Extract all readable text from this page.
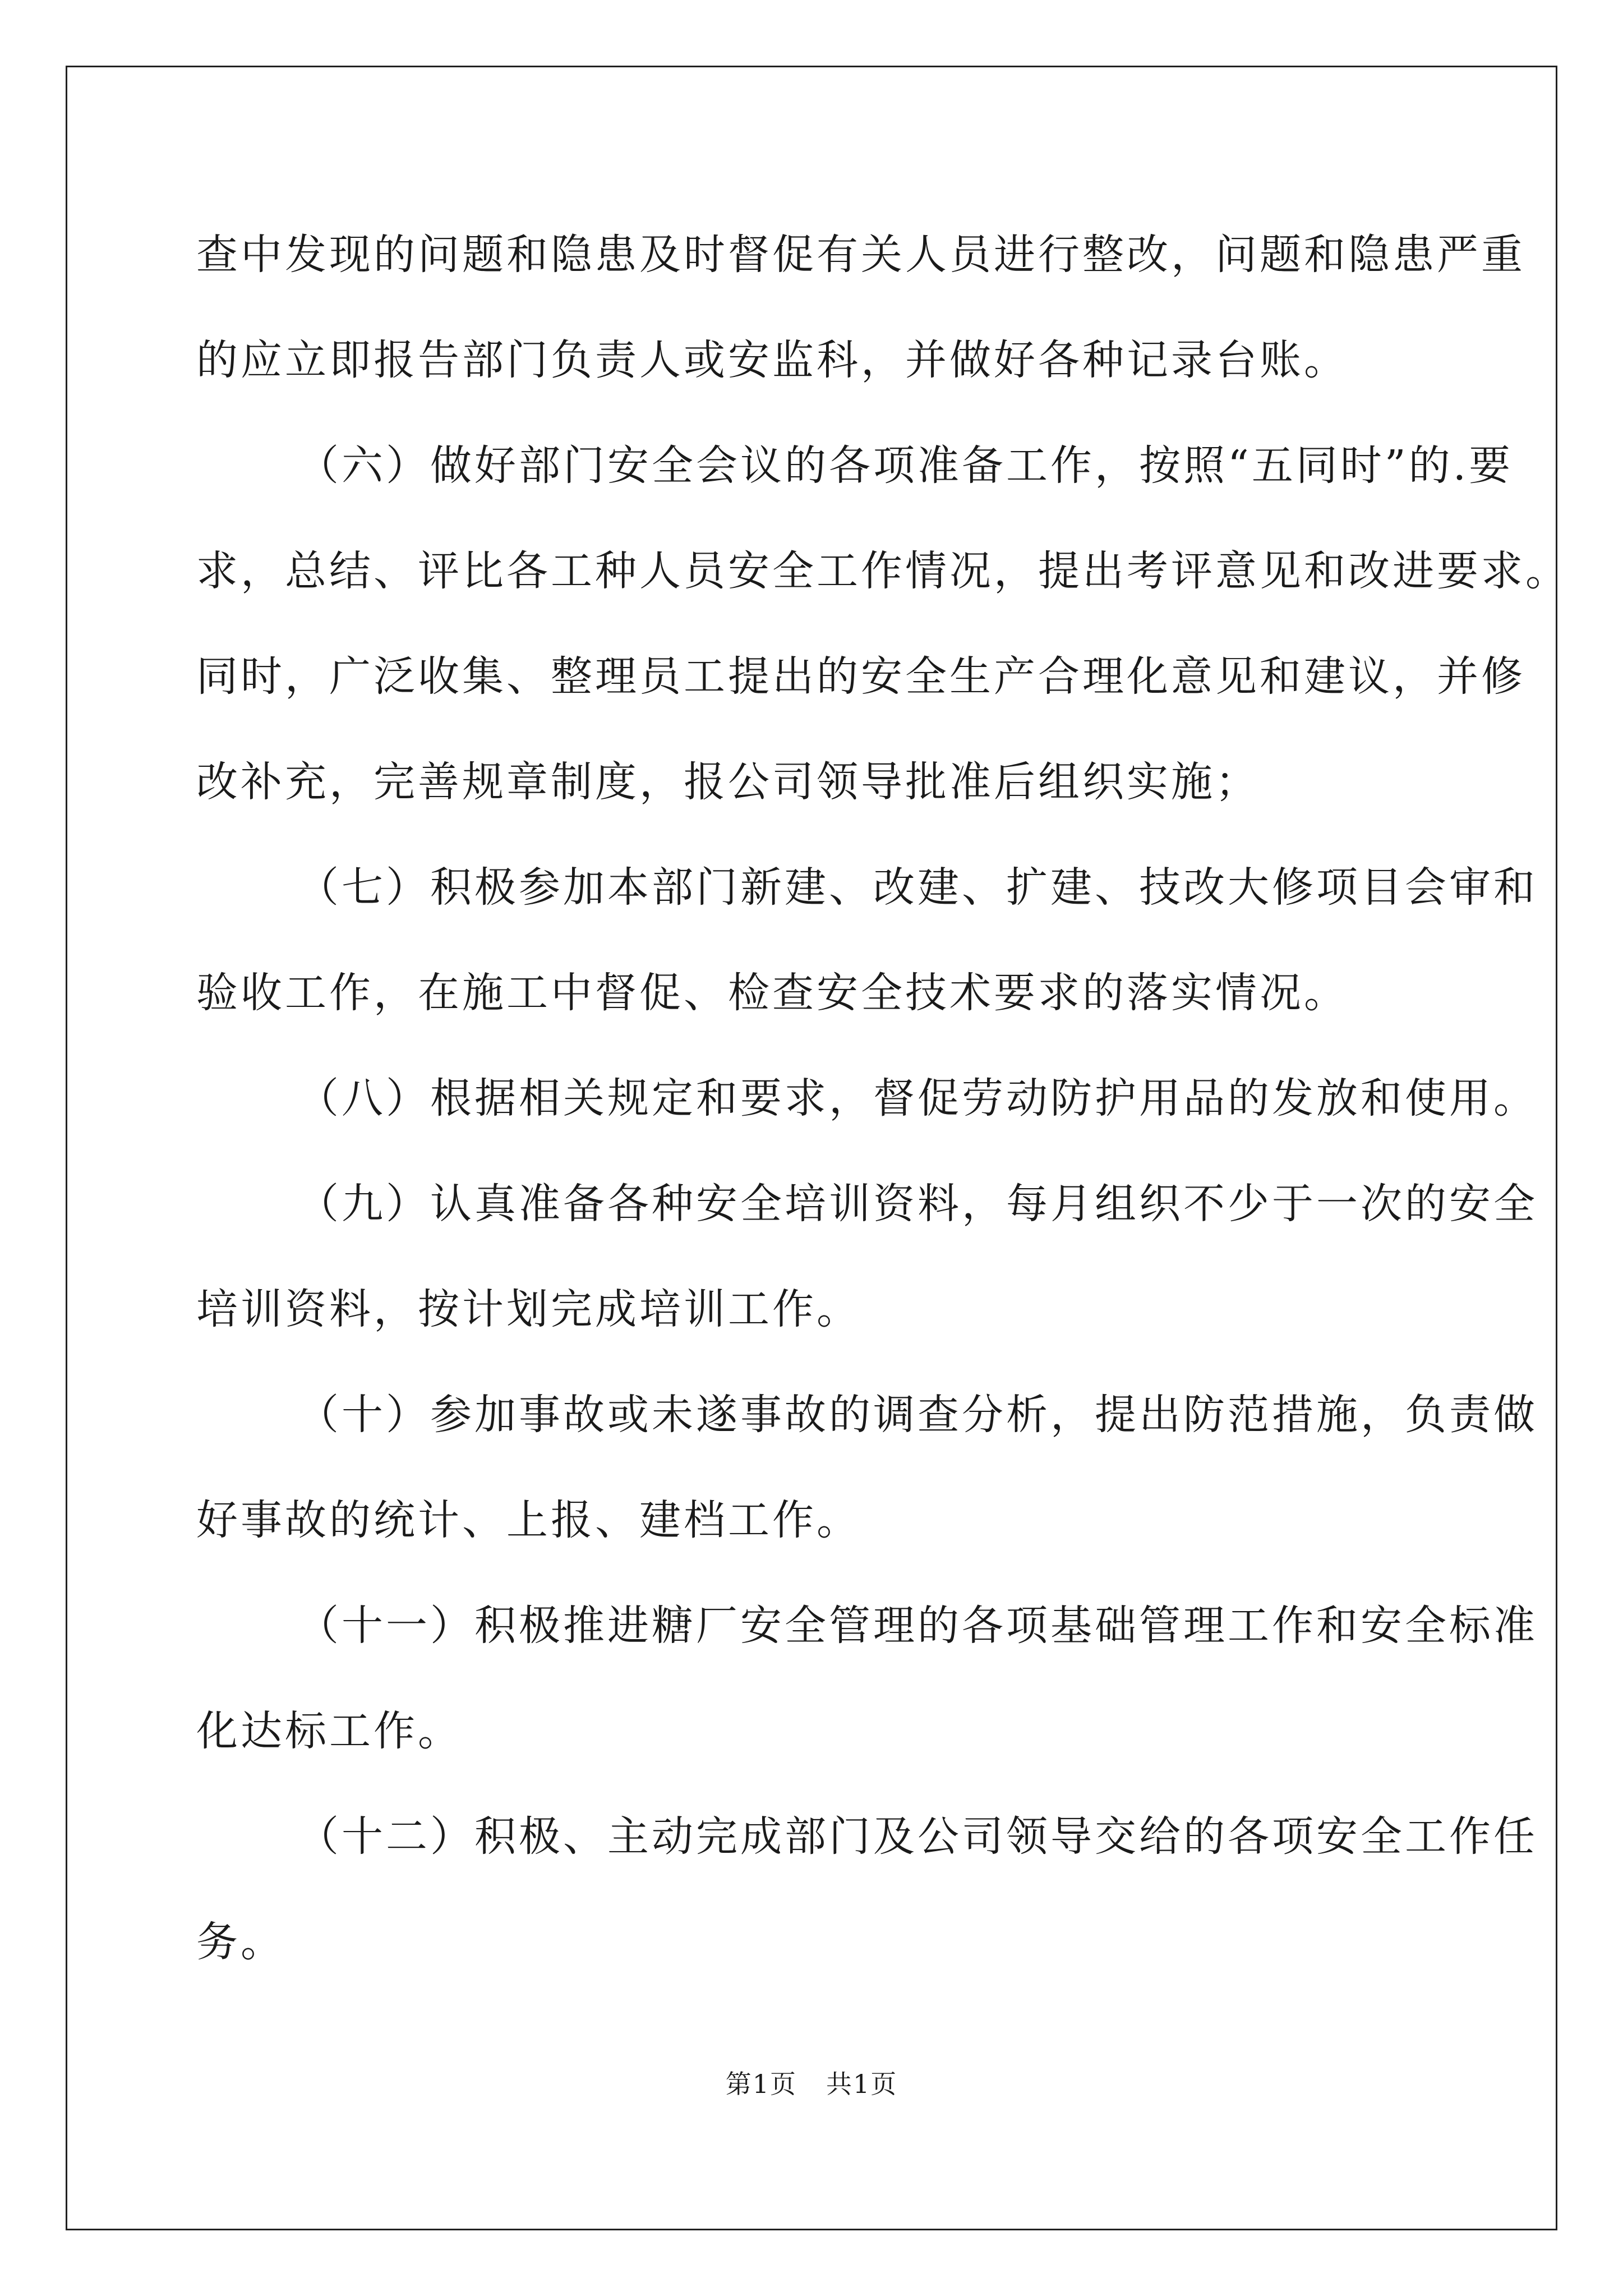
查中发现的问题和隐患及时督促有关人员进行整改，问题和隐患严重
的应立即报告部门负责人或安监科，并做好各种记录台账。
（六）做好部门安全会议的各项准备工作，按照“五同时”的.要
求，总结、评比各工种人员安全工作情况，提出考评意见和改进要求。
同时，广泛收集、整理员工提出的安全生产合理化意见和建议，并修
改补充，完善规章制度，报公司领导批准后组织实施；
（七）积极参加本部门新建、改建、扩建、技改大修项目会审和
验收工作，在施工中督促、检查安全技术要求的落实情况。
（八）根据相关规定和要求，督促劳动防护用品的发放和使用。
（九）认真准备各种安全培训资料，每月组织不少于一次的安全
培训资料，按计划完成培训工作。
（十）参加事故或未遂事故的调查分析，提出防范措施，负责做
好事故的统计、上报、建档工作。
（十一）积极推进糖厂安全管理的各项基础管理工作和安全标准
化达标工作。
（十二）积极、主动完成部门及公司领导交给的各项安全工作任
务。
第1页 共1页
